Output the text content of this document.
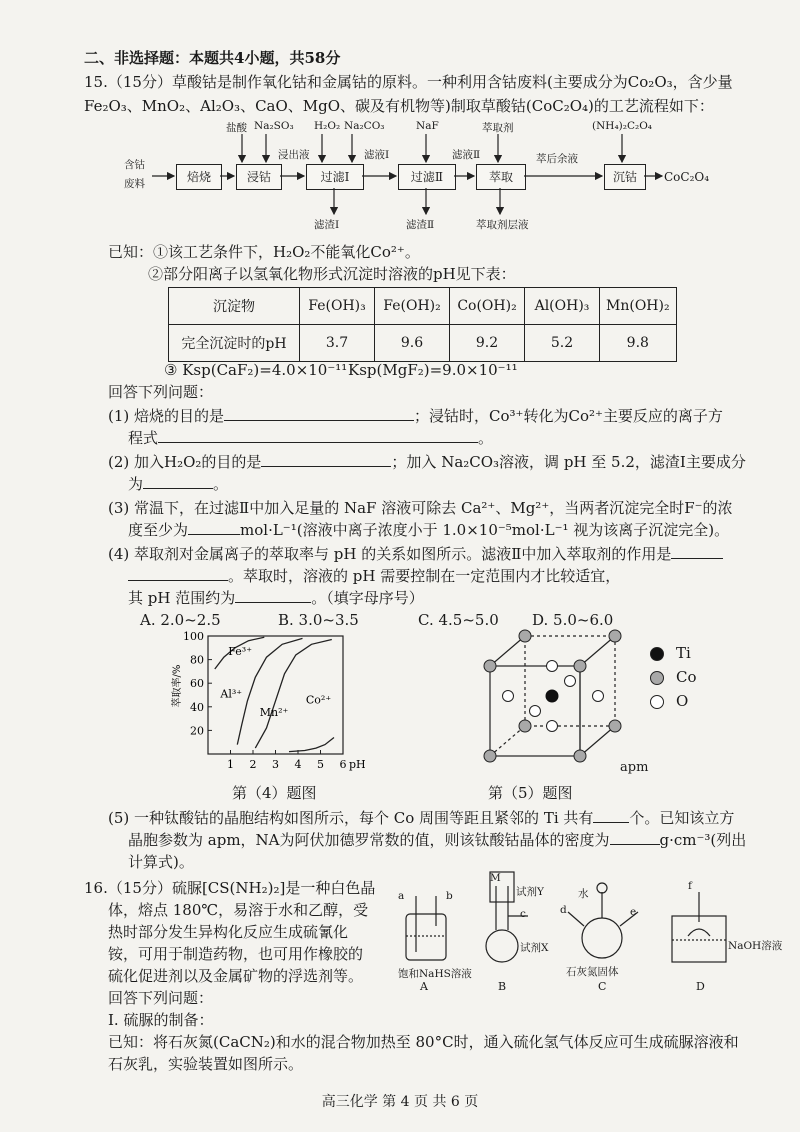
二、非选择题：本题共4小题，共58分
15.（15分）草酸钴是制作氧化钴和金属钴的原料。一种利用含钴废料(主要成分为Co₂O₃，含少量
Fe₂O₃、MnO₂、Al₂O₃、CaO、MgO、碳及有机物等)制取草酸钴(CoC₂O₄)的工艺流程如下：
含钴
废料	焙烧	浸钴	过滤Ⅰ	过滤Ⅱ	萃取	沉钴	CoC₂O₄
盐酸 Na₂SO₃ H₂O₂ Na₂CO₃	NaF	萃取剂	(NH₄)₂C₂O₄
浸出液	滤液Ⅰ	滤液Ⅱ	萃后余液
滤渣Ⅰ	滤渣Ⅱ	萃取剂层液
已知：①该工艺条件下，H₂O₂不能氧化Co²⁺。
②部分阳离子以氢氧化物形式沉淀时溶液的pH见下表：
沉淀物	Fe(OH)₃	Fe(OH)₂	Co(OH)₂	Al(OH)₃	Mn(OH)₂
完全沉淀时的pH	3.7	9.6	9.2	5.2	9.8
③ Ksp(CaF₂)=4.0×10⁻¹¹ Ksp(MgF₂)=9.0×10⁻¹¹
回答下列问题：
(1) 焙烧的目的是	；浸钴时，Co³⁺转化为Co²⁺主要反应的离子方
程式	。
(2) 加入H₂O₂的目的是	；加入 Na₂CO₃溶液，调 pH 至 5.2，滤渣Ⅰ主要成分
为	。
(3) 常温下，在过滤Ⅱ中加入足量的 NaF 溶液可除去 Ca²⁺、Mg²⁺，当两者沉淀完全时F⁻的浓
度至少为	mol·L⁻¹(溶液中离子浓度小于 1.0×10⁻⁵mol·L⁻¹ 视为该离子沉淀完全)。
(4) 萃取剂对金属离子的萃取率与 pH 的关系如图所示。滤液Ⅱ中加入萃取剂的作用是
。萃取时，溶液的 pH 需要控制在一定范围内才比较适宜，
其 pH 范围约为	。（填字母序号）
A. 2.0~2.5	B. 3.0~3.5	C. 4.5~5.0 D. 5.0~6.0
20
40
60
80
100
1 2 3 4 5 6 pH
萃取率/%
Fe³⁺
Al³⁺
Mn²⁺
Co²⁺
第（4）题图
Ti
Co
O
apm
第（5）题图
(5) 一种钛酸钴的晶胞结构如图所示，每个 Co 周围等距且紧邻的 Ti 共有 个。已知该立方
晶胞参数为 apm，NA为阿伏加德罗常数的值，则该钛酸钴晶体的密度为	g·cm⁻³(列出
计算式)。
16.（15分）硫脲[CS(NH₂)₂]是一种白色晶
体，熔点 180℃，易溶于水和乙醇，受
热时部分发生异构化反应生成硫氰化
铵，可用于制造药物，也可用作橡胶的
硫化促进剂以及金属矿物的浮选剂等。
回答下列问题：
Ⅰ. 硫脲的制备：
已知：将石灰氮(CaCN₂)和水的混合物加热至 80°C时，通入硫化氢气体反应可生成硫脲溶液和
石灰乳，实验装置如图所示。
a	b
c	d	e
f
M
试剂Y
试剂X
水
石灰氮固体
NaOH溶液
饱和NaHS溶液
A	B	C	D
高三化学 第 4 页 共 6 页
